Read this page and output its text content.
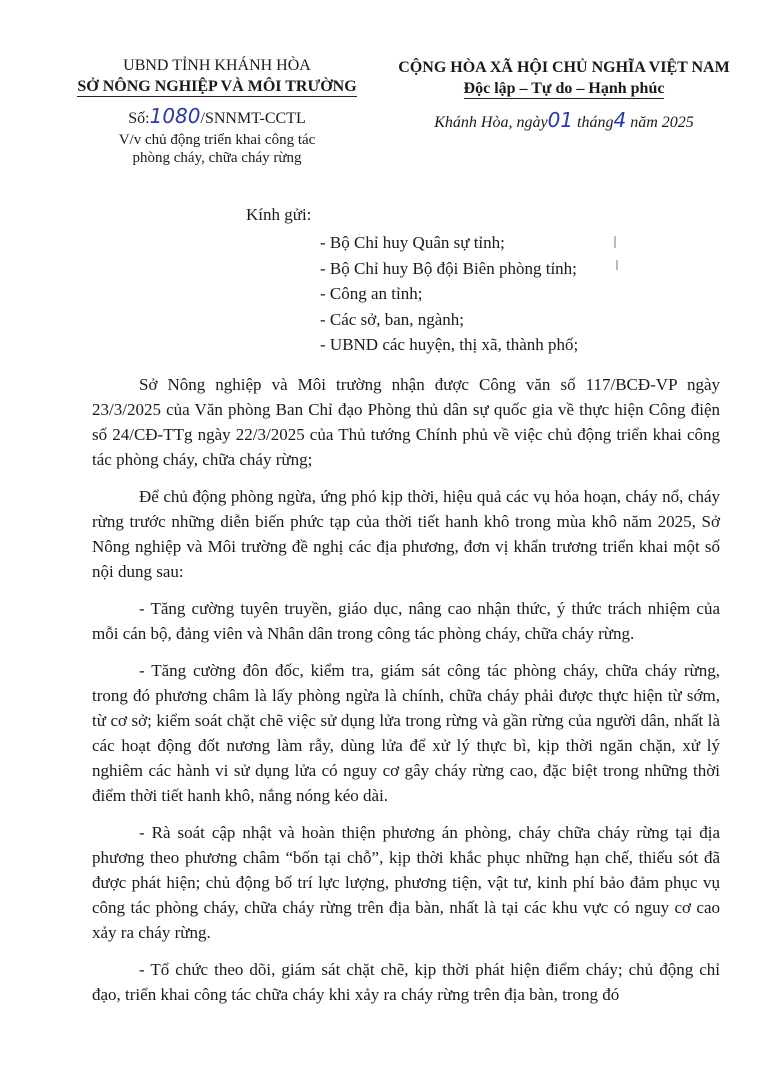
UBND TỈNH KHÁNH HÒA
SỞ NÔNG NGHIỆP VÀ MÔI TRƯỜNG
Số:1080/SNNMT-CCTL
V/v chủ động triển khai công tác
phòng cháy, chữa cháy rừng
CỘNG HÒA XÃ HỘI CHỦ NGHĨA VIỆT NAM
Độc lập – Tự do – Hạnh phúc
Khánh Hòa, ngày01 tháng4 năm 2025
Kính gửi:
- Bộ Chỉ huy Quân sự tỉnh;
- Bộ Chỉ huy Bộ đội Biên phòng tỉnh;
- Công an tỉnh;
- Các sở, ban, ngành;
- UBND các huyện, thị xã, thành phố;

Sở Nông nghiệp và Môi trường nhận được Công văn số 117/BCĐ-VP ngày 23/3/2025 của Văn phòng Ban Chỉ đạo Phòng thủ dân sự quốc gia về thực hiện Công điện số 24/CĐ-TTg ngày 22/3/2025 của Thủ tướng Chính phủ về việc chủ động triển khai công tác phòng cháy, chữa cháy rừng;

Để chủ động phòng ngừa, ứng phó kịp thời, hiệu quả các vụ hỏa hoạn, cháy nổ, cháy rừng trước những diễn biến phức tạp của thời tiết hanh khô trong mùa khô năm 2025, Sở Nông nghiệp và Môi trường đề nghị các địa phương, đơn vị khẩn trương triển khai một số nội dung sau:

- Tăng cường tuyên truyền, giáo dục, nâng cao nhận thức, ý thức trách nhiệm của mỗi cán bộ, đảng viên và Nhân dân trong công tác phòng cháy, chữa cháy rừng.

- Tăng cường đôn đốc, kiểm tra, giám sát công tác phòng cháy, chữa cháy rừng, trong đó phương châm là lấy phòng ngừa là chính, chữa cháy phải được thực hiện từ sớm, từ cơ sở; kiểm soát chặt chẽ việc sử dụng lửa trong rừng và gần rừng của người dân, nhất là các hoạt động đốt nương làm rẫy, dùng lửa để xử lý thực bì, kịp thời ngăn chặn, xử lý nghiêm các hành vi sử dụng lửa có nguy cơ gây cháy rừng cao, đặc biệt trong những thời điểm thời tiết hanh khô, nắng nóng kéo dài.

- Rà soát cập nhật và hoàn thiện phương án phòng, cháy chữa cháy rừng tại địa phương theo phương châm “bốn tại chỗ”, kịp thời khắc phục những hạn chế, thiếu sót đã được phát hiện; chủ động bố trí lực lượng, phương tiện, vật tư, kinh phí bảo đảm phục vụ công tác phòng cháy, chữa cháy rừng trên địa bàn, nhất là tại các khu vực có nguy cơ cao xảy ra cháy rừng.

- Tổ chức theo dõi, giám sát chặt chẽ, kịp thời phát hiện điểm cháy; chủ động chỉ đạo, triển khai công tác chữa cháy khi xảy ra cháy rừng trên địa bàn, trong đó
